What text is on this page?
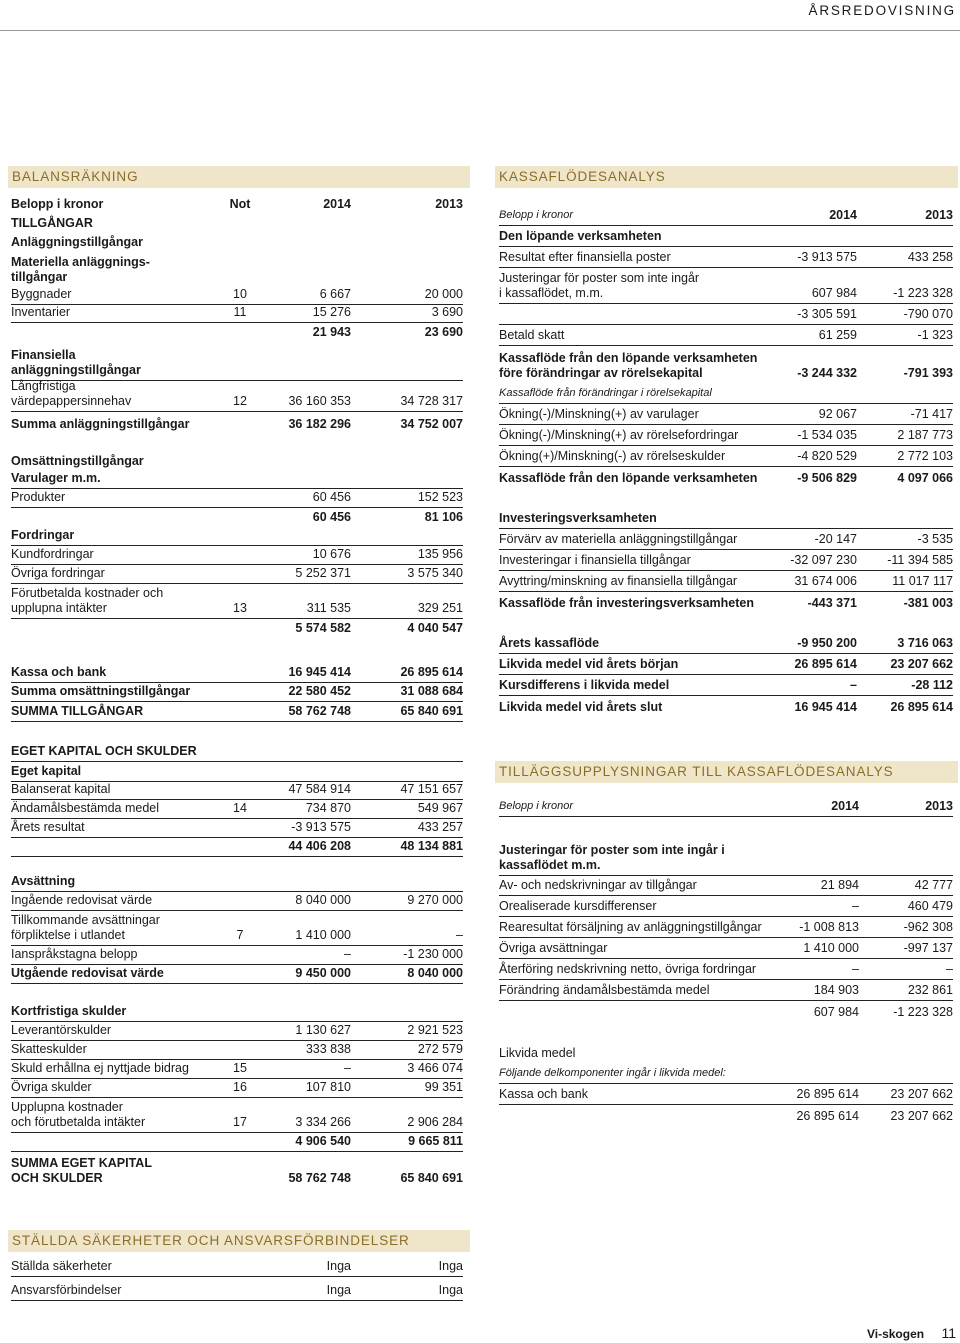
ÅRSREDOVISNING
BALANSRÄKNING	KASSAFLÖDESANALYS
TILLÄGGSUPPLYSNINGAR TILL KASSAFLÖDESANALYS
STÄLLDA SÄKERHETER OCH ANSVARSFÖRBINDELSER
Belopp i kronor	Not	2014	2013
TILLGÅNGAR
Anläggningstillgångar
Materiella anläggnings-
tillgångar
Byggnader	10	6 667	20 000
Inventarier	11	15 276	3 690
21 943	23 690
Finansiella
anläggningstillgångar
Långfristiga
värdepappersinnehav	12	36 160 353	34 728 317
Summa anläggningstillgångar	36 182 296	34 752 007
Omsättningstillgångar
Varulager m.m.
Produkter	60 456	152 523
60 456	81 106
Fordringar
Kundfordringar	10 676	135 956
Övriga fordringar	5 252 371	3 575 340
Förutbetalda kostnader och
upplupna intäkter	13	311 535	329 251
5 574 582	4 040 547
Kassa och bank	16 945 414	26 895 614
Summa omsättningstillgångar	22 580 452	31 088 684
SUMMA TILLGÅNGAR	58 762 748	65 840 691
EGET KAPITAL OCH SKULDER
Eget kapital
Balanserat kapital	47 584 914	47 151 657
Ändamålsbestämda medel	14	734 870	549 967
Årets resultat	-3 913 575	433 257
44 406 208	48 134 881
Avsättning
Ingående redovisat värde	8 040 000	9 270 000
Tillkommande avsättningar
förpliktelse i utlandet	7	1 410 000	–
Ianspråkstagna belopp	–	-1 230 000
Utgående redovisat värde	9 450 000	8 040 000
Kortfristiga skulder
Leverantörskulder	1 130 627	2 921 523
Skatteskulder	333 838	272 579
Skuld erhållna ej nyttjade bidrag	15	–	3 466 074
Övriga skulder	16	107 810	99 351
Upplupna kostnader
och förutbetalda intäkter	17	3 334 266	2 906 284
4 906 540	9 665 811
SUMMA EGET KAPITAL
OCH SKULDER	58 762 748	65 840 691
Belopp i kronor	2014	2013
Den löpande verksamheten
Resultat efter finansiella poster	-3 913 575	433 258
Justeringar för poster som inte ingår
i kassaflödet, m.m.	607 984	-1 223 328
-3 305 591	-790 070
Betald skatt	61 259	-1 323
Kassaflöde från den löpande verksamheten
före förändringar av rörelsekapital	-3 244 332	-791 393
Kassaflöde från förändringar i rörelsekapital
Ökning(-)/Minskning(+) av varulager	92 067	-71 417
Ökning(-)/Minskning(+) av rörelsefordringar	-1 534 035	2 187 773
Ökning(+)/Minskning(-) av rörelseskulder	-4 820 529	2 772 103
Kassaflöde från den löpande verksamheten	-9 506 829	4 097 066
Investeringsverksamheten
Förvärv av materiella anläggningstillgångar	-20 147	-3 535
Investeringar i finansiella tillgångar	-32 097 230 -11 394 585
Avyttring/minskning av finansiella tillgångar	31 674 006	11 017 117
Kassaflöde från investeringsverksamheten	-443 371	-381 003
Årets kassaflöde	-9 950 200	3 716 063
Likvida medel vid årets början	26 895 614	23 207 662
Kursdifferens i likvida medel	–	-28 112
Likvida medel vid årets slut	16 945 414	26 895 614
Belopp i kronor	2014	2013
Justeringar för poster som inte ingår i
kassaflödet m.m.
Av- och nedskrivningar av tillgångar	21 894	42 777
Orealiserade kursdifferenser	–	460 479
Rearesultat försäljning av anläggningstillgångar	-1 008 813	-962 308
Övriga avsättningar	1 410 000	-997 137
Återföring nedskrivning netto, övriga fordringar	–	–
Förändring ändamålsbestämda medel	184 903	232 861
607 984	-1 223 328
Likvida medel
Följande delkomponenter ingår i likvida medel:
Kassa och bank	26 895 614	23 207 662
26 895 614	23 207 662
Ställda säkerheter	Inga	Inga
Ansvarsförbindelser	Inga	Inga
Vi-skogen 11
